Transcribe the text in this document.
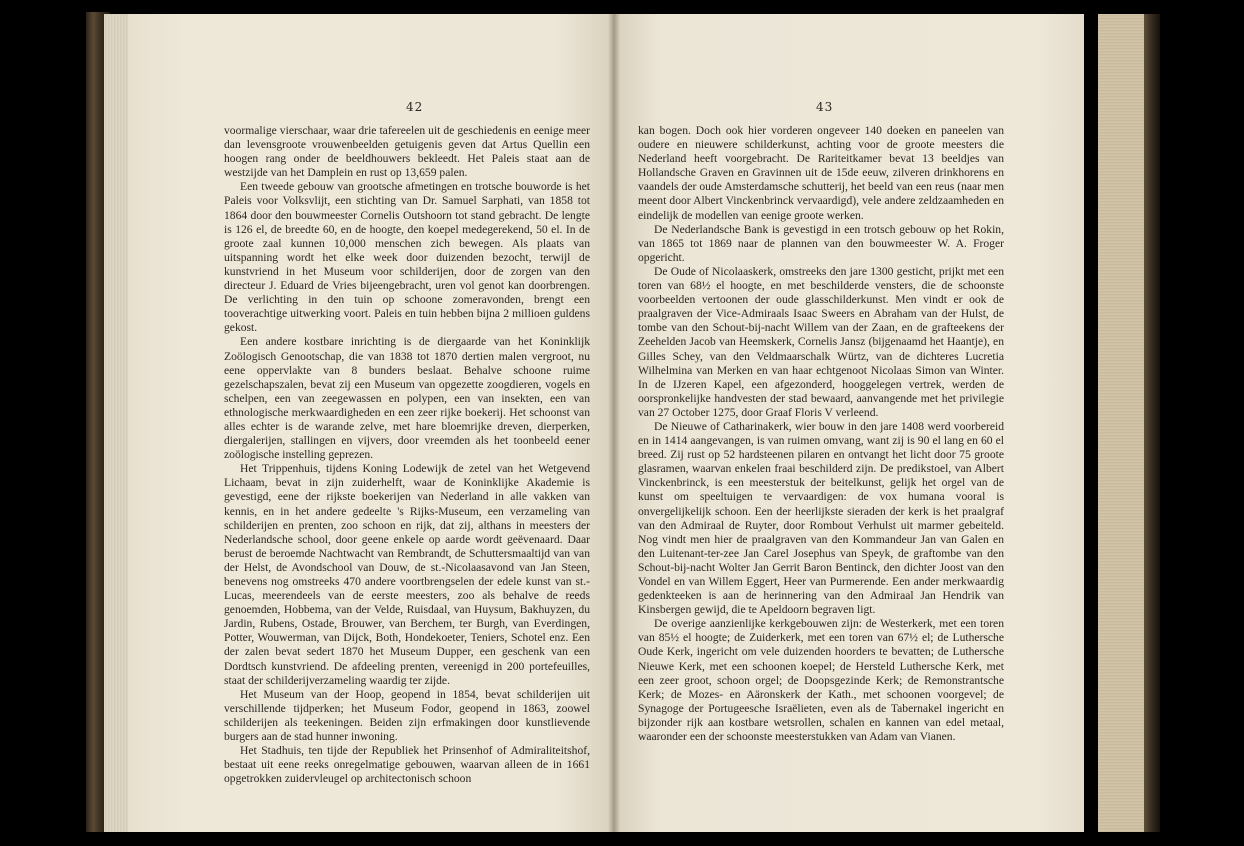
42

voormalige vierschaar, waar drie tafereelen uit de geschiedenis en eenige meer dan levensgroote vrouwenbeelden getuigenis geven dat Artus Quellin een hoogen rang onder de beeldhouwers bekleedt. Het Paleis staat aan de westzijde van het Damplein en rust op 13,659 palen.

Een tweede gebouw van grootsche afmetingen en trotsche bouworde is het Paleis voor Volksvlijt, een stichting van Dr. Samuel Sarphati, van 1858 tot 1864 door den bouwmeester Cornelis Outshoorn tot stand gebracht. De lengte is 126 el, de breedte 60, en de hoogte, den koepel medegerekend, 50 el. In de groote zaal kunnen 10,000 menschen zich bewegen. Als plaats van uitspanning wordt het elke week door duizenden bezocht, terwijl de kunstvriend in het Museum voor schilderijen, door de zorgen van den directeur J. Eduard de Vries bijeengebracht, uren vol genot kan doorbrengen. De verlichting in den tuin op schoone zomeravonden, brengt een tooverachtige uitwerking voort. Paleis en tuin hebben bijna 2 millioen guldens gekost.

Een andere kostbare inrichting is de diergaarde van het Koninklijk Zoölogisch Genootschap, die van 1838 tot 1870 dertien malen vergroot, nu eene oppervlakte van 8 bunders beslaat. Behalve schoone ruime gezelschapszalen, bevat zij een Museum van opgezette zoogdieren, vogels en schelpen, een van zeegewassen en polypen, een van insekten, een van ethnologische merkwaardigheden en een zeer rijke boekerij. Het schoonst van alles echter is de warande zelve, met hare bloemrijke dreven, dierperken, diergalerijen, stallingen en vijvers, door vreemden als het toonbeeld eener zoölogische instelling geprezen.

Het Trippenhuis, tijdens Koning Lodewijk de zetel van het Wetgevend Lichaam, bevat in zijn zuiderhelft, waar de Koninklijke Akademie is gevestigd, eene der rijkste boekerijen van Nederland in alle vakken van kennis, en in het andere gedeelte 's Rijks-Museum, een verzameling van schilderijen en prenten, zoo schoon en rijk, dat zij, althans in meesters der Nederlandsche school, door geene enkele op aarde wordt geëvenaard. Daar berust de beroemde Nachtwacht van Rembrandt, de Schuttersmaaltijd van van der Helst, de Avondschool van Douw, de st.-Nicolaasavond van Jan Steen, benevens nog omstreeks 470 andere voortbrengselen der edele kunst van st.-Lucas, meerendeels van de eerste meesters, zoo als behalve de reeds genoemden, Hobbema, van der Velde, Ruisdaal, van Huysum, Bakhuyzen, du Jardin, Rubens, Ostade, Brouwer, van Berchem, ter Burgh, van Everdingen, Potter, Wouwerman, van Dijck, Both, Hondekoeter, Teniers, Schotel enz. Een der zalen bevat sedert 1870 het Museum Dupper, een geschenk van een Dordtsch kunstvriend. De afdeeling prenten, vereenigd in 200 portefeuilles, staat der schilderijverzameling waardig ter zijde.

Het Museum van der Hoop, geopend in 1854, bevat schilderijen uit verschillende tijdperken; het Museum Fodor, geopend in 1863, zoowel schilderijen als teekeningen. Beiden zijn erfmakingen door kunstlievende burgers aan de stad hunner inwoning.

Het Stadhuis, ten tijde der Republiek het Prinsenhof of Admiraliteitshof, bestaat uit eene reeks onregelmatige gebouwen, waarvan alleen de in 1661 opgetrokken zuidervleugel op architectonisch schoon

43

kan bogen. Doch ook hier vorderen ongeveer 140 doeken en paneelen van oudere en nieuwere schilderkunst, achting voor de groote meesters die Nederland heeft voorgebracht. De Rariteitkamer bevat 13 beeldjes van Hollandsche Graven en Gravinnen uit de 15de eeuw, zilveren drinkhorens en vaandels der oude Amsterdamsche schutterij, het beeld van een reus (naar men meent door Albert Vinckenbrinck vervaardigd), vele andere zeldzaamheden en eindelijk de modellen van eenige groote werken.

De Nederlandsche Bank is gevestigd in een trotsch gebouw op het Rokin, van 1865 tot 1869 naar de plannen van den bouwmeester W. A. Froger opgericht.

De Oude of Nicolaaskerk, omstreeks den jare 1300 gesticht, prijkt met een toren van 68½ el hoogte, en met beschilderde vensters, die de schoonste voorbeelden vertoonen der oude glasschilderkunst. Men vindt er ook de praalgraven der Vice-Admiraals Isaac Sweers en Abraham van der Hulst, de tombe van den Schout-bij-nacht Willem van der Zaan, en de grafteekens der Zeehelden Jacob van Heemskerk, Cornelis Jansz (bijgenaamd het Haantje), en Gilles Schey, van den Veldmaarschalk Würtz, van de dichteres Lucretia Wilhelmina van Merken en van haar echtgenoot Nicolaas Simon van Winter. In de IJzeren Kapel, een afgezonderd, hooggelegen vertrek, werden de oorspronkelijke handvesten der stad bewaard, aanvangende met het privilegie van 27 October 1275, door Graaf Floris V verleend.

De Nieuwe of Catharinakerk, wier bouw in den jare 1408 werd voorbereid en in 1414 aangevangen, is van ruimen omvang, want zij is 90 el lang en 60 el breed. Zij rust op 52 hardsteenen pilaren en ontvangt het licht door 75 groote glasramen, waarvan enkelen fraai beschilderd zijn. De predikstoel, van Albert Vinckenbrinck, is een meesterstuk der beitelkunst, gelijk het orgel van de kunst om speeltuigen te vervaardigen: de vox humana vooral is onvergelijkelijk schoon. Een der heerlijkste sieraden der kerk is het praalgraf van den Admiraal de Ruyter, door Rombout Verhulst uit marmer gebeiteld. Nog vindt men hier de praalgraven van den Kommandeur Jan van Galen en den Luitenant-ter-zee Jan Carel Josephus van Speyk, de graftombe van den Schout-bij-nacht Wolter Jan Gerrit Baron Bentinck, den dichter Joost van den Vondel en van Willem Eggert, Heer van Purmerende. Een ander merkwaardig gedenkteeken is aan de herinnering van den Admiraal Jan Hendrik van Kinsbergen gewijd, die te Apeldoorn begraven ligt.

De overige aanzienlijke kerkgebouwen zijn: de Westerkerk, met een toren van 85½ el hoogte; de Zuiderkerk, met een toren van 67½ el; de Luthersche Oude Kerk, ingericht om vele duizenden hoorders te bevatten; de Luthersche Nieuwe Kerk, met een schoonen koepel; de Hersteld Luthersche Kerk, met een zeer groot, schoon orgel; de Doopsgezinde Kerk; de Remonstrantsche Kerk; de Mozes- en Aäronskerk der Kath., met schoonen voorgevel; de Synagoge der Portugeesche Israëlieten, even als de Tabernakel ingericht en bijzonder rijk aan kostbare wetsrollen, schalen en kannen van edel metaal, waaronder een der schoonste meesterstukken van Adam van Vianen.
